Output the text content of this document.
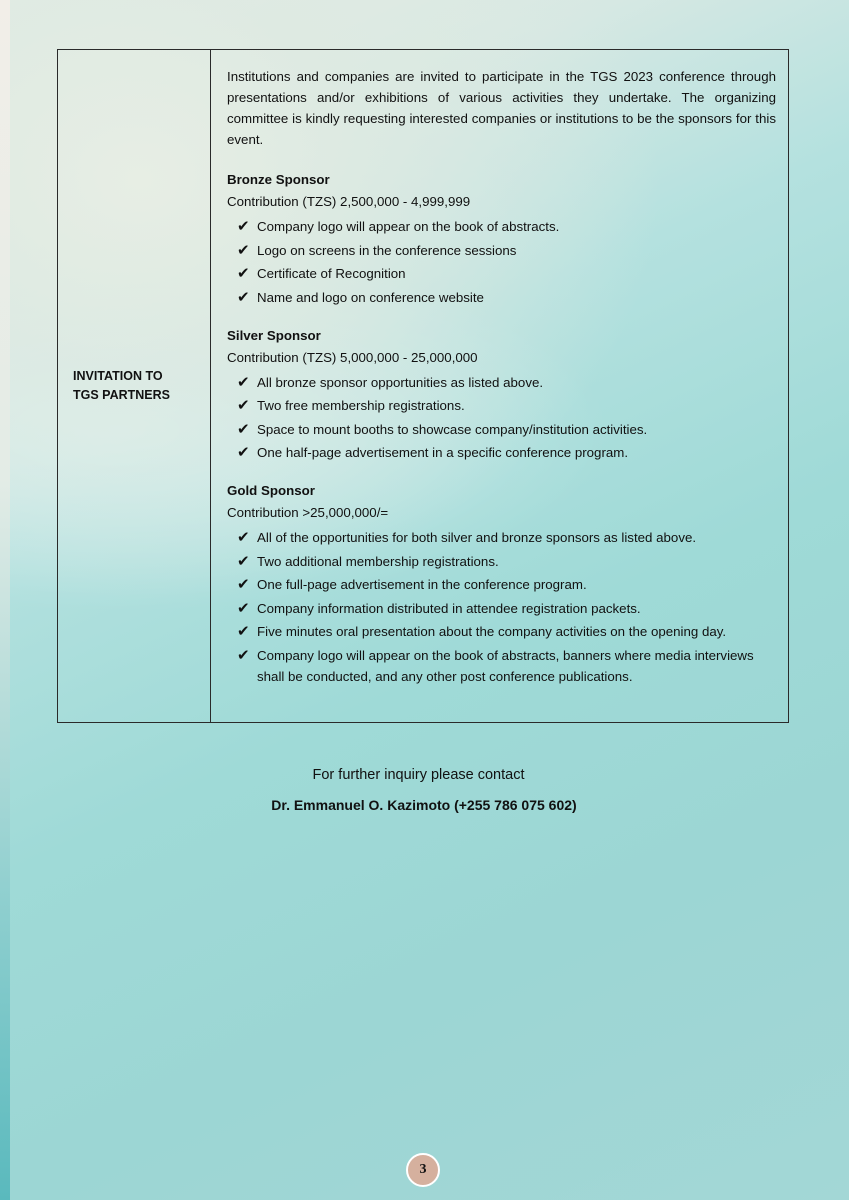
INVITATION TO TGS PARTNERS

Institutions and companies are invited to participate in the TGS 2023 conference through presentations and/or exhibitions of various activities they undertake. The organizing committee is kindly requesting interested companies or institutions to be the sponsors for this event.

Bronze Sponsor

Contribution (TZS) 2,500,000 - 4,999,999

✔ Company logo will appear on the book of abstracts.
✔ Logo on screens in the conference sessions
✔ Certificate of Recognition
✔ Name and logo on conference website

Silver Sponsor

Contribution (TZS) 5,000,000 - 25,000,000

✔ All bronze sponsor opportunities as listed above.
✔ Two free membership registrations.
✔ Space to mount booths to showcase company/institution activities.
✔ One half-page advertisement in a specific conference program.

Gold Sponsor

Contribution >25,000,000/=

✔ All of the opportunities for both silver and bronze sponsors as listed above.
✔ Two additional membership registrations.
✔ One full-page advertisement in the conference program.
✔ Company information distributed in attendee registration packets.
✔ Five minutes oral presentation about the company activities on the opening day.
✔ Company logo will appear on the book of abstracts, banners where media interviews shall be conducted, and any other post conference publications.
For further inquiry please contact
Dr. Emmanuel O. Kazimoto (+255 786 075 602)
3
